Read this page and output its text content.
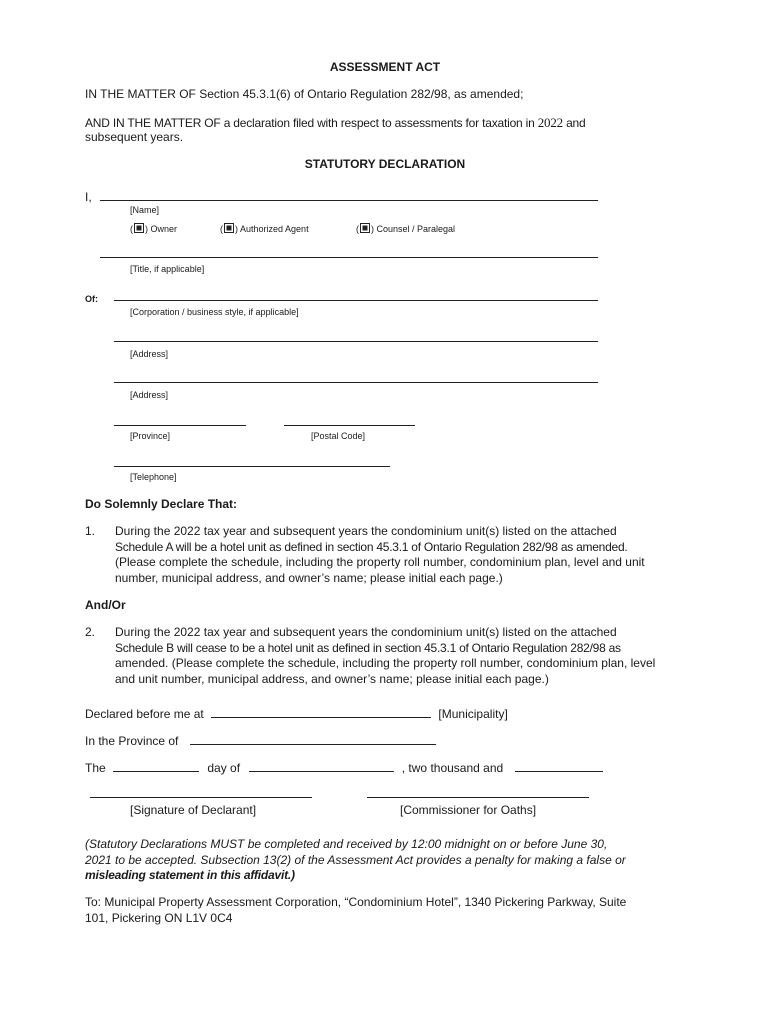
ASSESSMENT ACT
IN THE MATTER OF Section 45.3.1(6) of Ontario Regulation 282/98, as amended;
AND IN THE MATTER OF a declaration filed with respect to assessments for taxation in 2022 and
subsequent years.
STATUTORY DECLARATION
I,
[Name]
( ) Owner	( ) Authorized Agent	( ) Counsel / Paralegal
[Title, if applicable]
Of:
[Corporation / business style, if applicable]
[Address]
[Address]
[Province]	[Postal Code]
[Telephone]
Do Solemnly Declare That:
1. During the 2022 tax year and subsequent years the condominium unit(s) listed on the attached
Schedule A will be a hotel unit as defined in section 45.3.1 of Ontario Regulation 282/98 as amended.
(Please complete the schedule, including the property roll number, condominium plan, level and unit
number, municipal address, and owner’s name; please initial each page.)
And/Or
2. During the 2022 tax year and subsequent years the condominium unit(s) listed on the attached
Schedule B will cease to be a hotel unit as defined in section 45.3.1 of Ontario Regulation 282/98 as
amended. (Please complete the schedule, including the property roll number, condominium plan, level
and unit number, municipal address, and owner’s name; please initial each page.)
Declared before me at	[Municipality]
In the Province of
The	day of	, two thousand and
[Signature of Declarant]	[Commissioner for Oaths]
(Statutory Declarations MUST be completed and received by 12:00 midnight on or before June 30,
2021 to be accepted. Subsection 13(2) of the Assessment Act provides a penalty for making a false or
misleading statement in this affidavit.)
To: Municipal Property Assessment Corporation, “Condominium Hotel”, 1340 Pickering Parkway, Suite
101, Pickering ON L1V 0C4
